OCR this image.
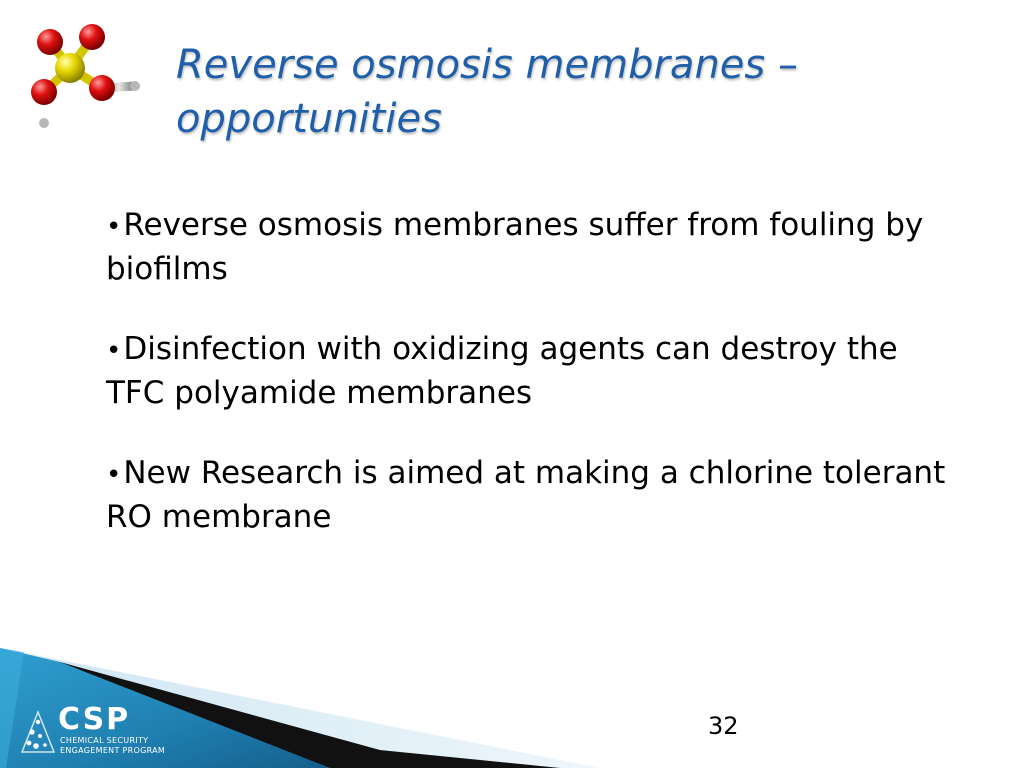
Reverse osmosis membranes – opportunities

•Reverse osmosis membranes suffer from fouling by biofilms

•Disinfection with oxidizing agents can destroy the TFC polyamide membranes

•New Research is aimed at making a chlorine tolerant RO membrane

CSP
CHEMICAL SECURITY
ENGAGEMENT PROGRAM
32
